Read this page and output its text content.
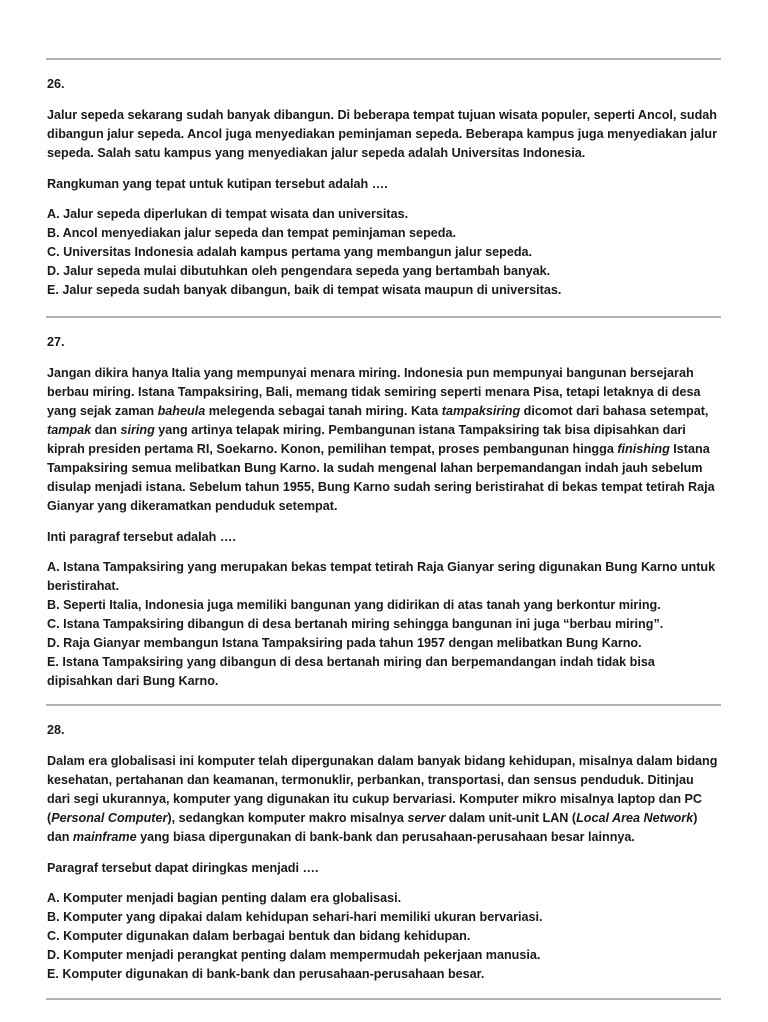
26.

Jalur sepeda sekarang sudah banyak dibangun. Di beberapa tempat tujuan wisata populer, seperti Ancol, sudah dibangun jalur sepeda. Ancol juga menyediakan peminjaman sepeda. Beberapa kampus juga menyediakan jalur sepeda. Salah satu kampus yang menyediakan jalur sepeda adalah Universitas Indonesia.

Rangkuman yang tepat untuk kutipan tersebut adalah ….

A. Jalur sepeda diperlukan di tempat wisata dan universitas.
B. Ancol menyediakan jalur sepeda dan tempat peminjaman sepeda.
C. Universitas Indonesia adalah kampus pertama yang membangun jalur sepeda.
D. Jalur sepeda mulai dibutuhkan oleh pengendara sepeda yang bertambah banyak.
E. Jalur sepeda sudah banyak dibangun, baik di tempat wisata maupun di universitas.

27.

Jangan dikira hanya Italia yang mempunyai menara miring. Indonesia pun mempunyai bangunan bersejarah berbau miring. Istana Tampaksiring, Bali, memang tidak semiring seperti menara Pisa, tetapi letaknya di desa yang sejak zaman baheula melegenda sebagai tanah miring. Kata tampaksiring dicomot dari bahasa setempat, tampak dan siring yang artinya telapak miring. Pembangunan istana Tampaksiring tak bisa dipisahkan dari kiprah presiden pertama RI, Soekarno. Konon, pemilihan tempat, proses pembangunan hingga finishing Istana Tampaksiring semua melibatkan Bung Karno. Ia sudah mengenal lahan berpemandangan indah jauh sebelum disulap menjadi istana. Sebelum tahun 1955, Bung Karno sudah sering beristirahat di bekas tempat tetirah Raja Gianyar yang dikeramatkan penduduk setempat.

Inti paragraf tersebut adalah ….

A. Istana Tampaksiring yang merupakan bekas tempat tetirah Raja Gianyar sering digunakan Bung Karno untuk beristirahat.
B. Seperti Italia, Indonesia juga memiliki bangunan yang didirikan di atas tanah yang berkontur miring.
C. Istana Tampaksiring dibangun di desa bertanah miring sehingga bangunan ini juga “berbau miring”.
D. Raja Gianyar membangun Istana Tampaksiring pada tahun 1957 dengan melibatkan Bung Karno.
E. Istana Tampaksiring yang dibangun di desa bertanah miring dan berpemandangan indah tidak bisa dipisahkan dari Bung Karno.

28.

Dalam era globalisasi ini komputer telah dipergunakan dalam banyak bidang kehidupan, misalnya dalam bidang kesehatan, pertahanan dan keamanan, termonuklir, perbankan, transportasi, dan sensus penduduk. Ditinjau dari segi ukurannya, komputer yang digunakan itu cukup bervariasi. Komputer mikro misalnya laptop dan PC (Personal Computer), sedangkan komputer makro misalnya server dalam unit-unit LAN (Local Area Network) dan mainframe yang biasa dipergunakan di bank-bank dan perusahaan-perusahaan besar lainnya.

Paragraf tersebut dapat diringkas menjadi ….

A. Komputer menjadi bagian penting dalam era globalisasi.
B. Komputer yang dipakai dalam kehidupan sehari-hari memiliki ukuran bervariasi.
C. Komputer digunakan dalam berbagai bentuk dan bidang kehidupan.
D. Komputer menjadi perangkat penting dalam mempermudah pekerjaan manusia.
E. Komputer digunakan di bank-bank dan perusahaan-perusahaan besar.
